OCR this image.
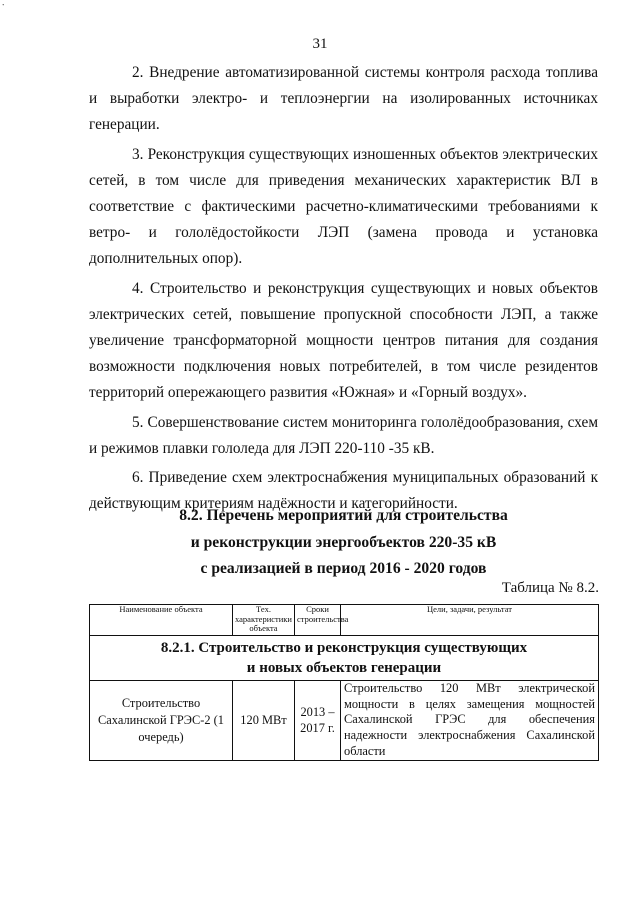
∙
31

2. Внедрение автоматизированной системы контроля расхода топлива и выработки электро- и теплоэнергии на изолированных источниках генерации.

3. Реконструкция существующих изношенных объектов электрических сетей, в том числе для приведения механических характеристик ВЛ в соответствие с фактическими расчетно-климатическими требованиями к ветро- и гололёдостойкости ЛЭП (замена провода и установка дополнительных опор).

4. Строительство и реконструкция существующих и новых объектов электрических сетей, повышение пропускной способности ЛЭП, а также увеличение трансформаторной мощности центров питания для создания возможности подключения новых потребителей, в том числе резидентов территорий опережающего развития «Южная» и «Горный воздух».

5. Совершенствование систем мониторинга гололёдообразования, схем и режимов плавки гололеда для ЛЭП 220-110 -35 кВ.

6. Приведение схем электроснабжения муниципальных образований к действующим критериям надёжности и категорийности.

8.2. Перечень мероприятий для строительства
и реконструкции энергообъектов 220-35 кВ
с реализацией в период 2016 - 2020 годов
Таблица № 8.2.
Наименование объекта	Тех. характеристики объекта	Сроки строительства	Цели, задачи, результат

8.2.1. Строительство и реконструкция существующих
и новых объектов генерации			

Строительство Сахалинской ГРЭС-2 (1 очередь)	120 МВт	2013 – 2017 г.	Строительство 120 МВт электрической мощности в целях замещения мощностей Сахалинской ГРЭС для обеспечения надежности электроснабжения Сахалинской области
